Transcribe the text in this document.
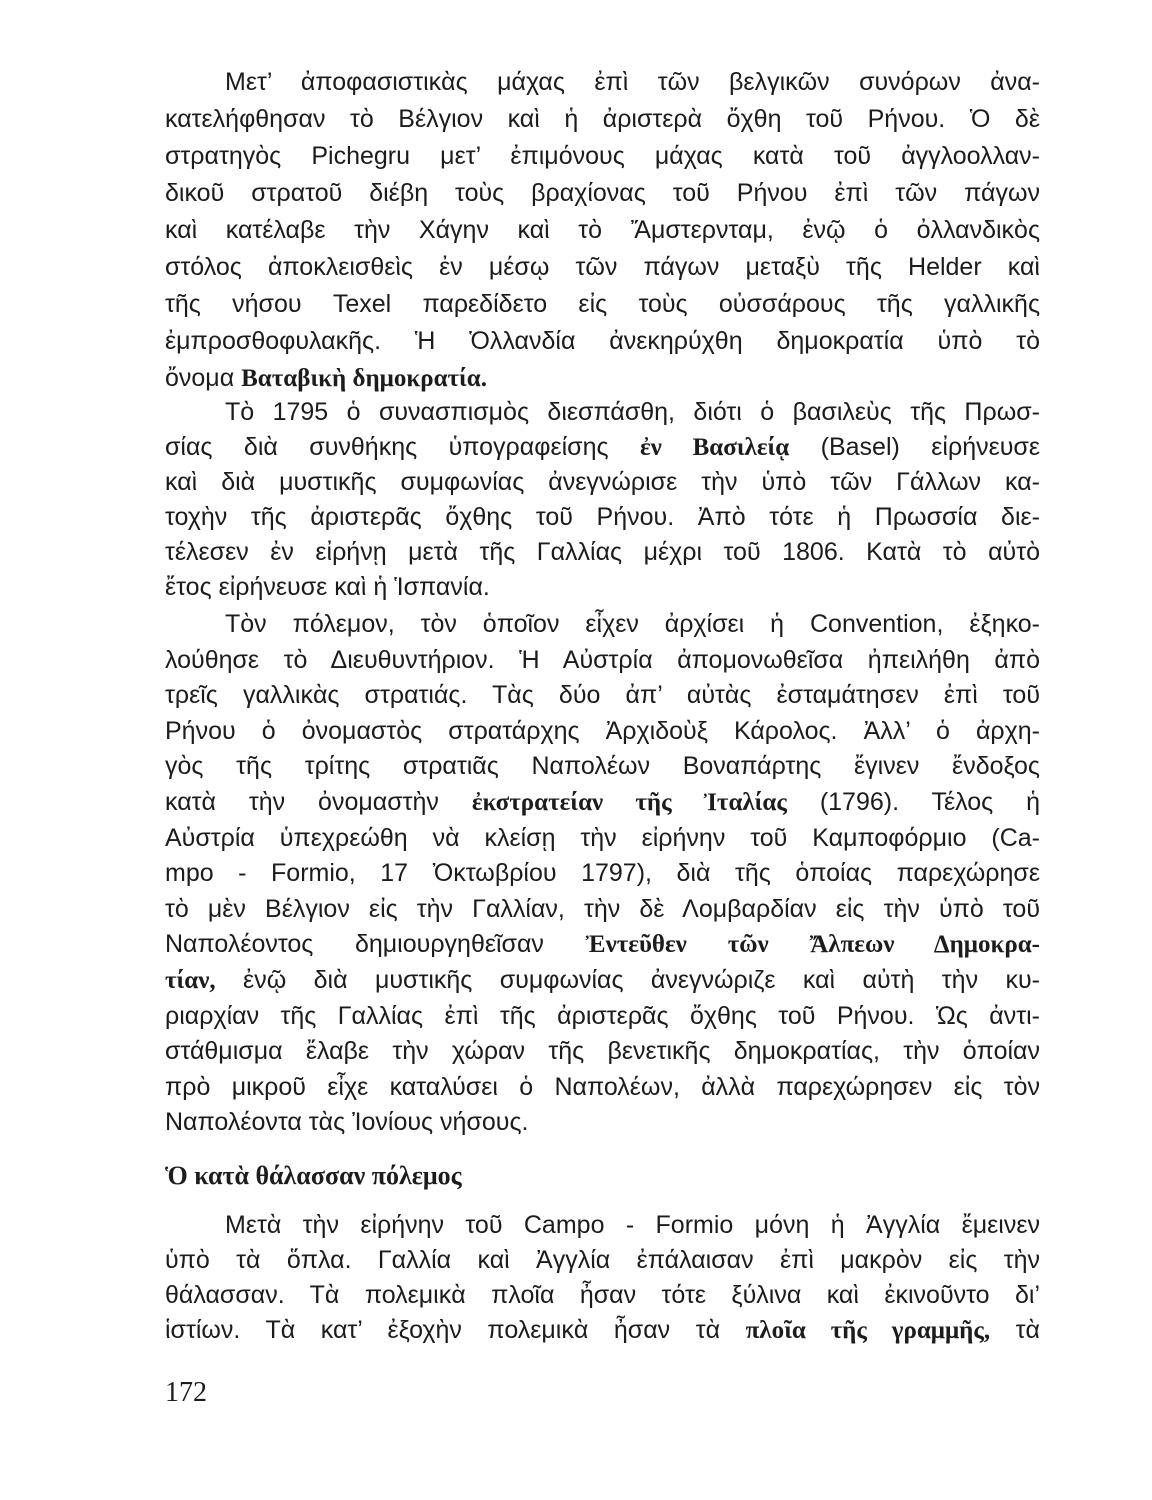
Μετ’ ἀποφασιστικὰς μάχας ἐπὶ τῶν βελγικῶν συνόρων ἀνα-
κατελήφθησαν τὸ Βέλγιον καὶ ἡ ἀριστερὰ ὄχθη τοῦ Ρήνου. Ὁ δὲ
στρατηγὸς Pichegru μετ’ ἐπιμόνους μάχας κατὰ τοῦ ἀγγλοολλαν-
δικοῦ στρατοῦ διέβη τοὺς βραχίονας τοῦ Ρήνου ἐπὶ τῶν πάγων
καὶ κατέλαβε τὴν Χάγην καὶ τὸ Ἄμστερνταμ, ἐνῷ ὁ ὀλλανδικὸς
στόλος ἀποκλεισθεὶς ἐν μέσῳ τῶν πάγων μεταξὺ τῆς Helder καὶ
τῆς νήσου Texel παρεδίδετο εἰς τοὺς οὐσσάρους τῆς γαλλικῆς
ἐμπροσθοφυλακῆς. Ἡ Ὁλλανδία ἀνεκηρύχθη δημοκρατία ὑπὸ τὸ
ὄνομα Βαταβικὴ δημοκρατία.
Τὸ 1795 ὁ συνασπισμὸς διεσπάσθη, διότι ὁ βασιλεὺς τῆς Πρωσ-
σίας διὰ συνθήκης ὑπογραφείσης ἐν Βασιλείᾳ (Basel) εἰρήνευσε
καὶ διὰ μυστικῆς συμφωνίας ἀνεγνώρισε τὴν ὑπὸ τῶν Γάλλων κα-
τοχὴν τῆς ἀριστερᾶς ὄχθης τοῦ Ρήνου. Ἀπὸ τότε ἡ Πρωσσία διε-
τέλεσεν ἐν εἰρήνῃ μετὰ τῆς Γαλλίας μέχρι τοῦ 1806. Κατὰ τὸ αὐτὸ
ἔτος εἰρήνευσε καὶ ἡ Ἱσπανία.
Τὸν πόλεμον, τὸν ὁποῖον εἶχεν ἀρχίσει ἡ Convention, ἐξηκο-
λούθησε τὸ Διευθυντήριον. Ἡ Αὐστρία ἀπομονωθεῖσα ἠπειλήθη ἀπὸ
τρεῖς γαλλικὰς στρατιάς. Τὰς δύο ἀπ’ αὐτὰς ἐσταμάτησεν ἐπὶ τοῦ
Ρήνου ὁ ὀνομαστὸς στρατάρχης Ἀρχιδοὺξ Κάρολος. Ἀλλ’ ὁ ἀρχη-
γὸς τῆς τρίτης στρατιᾶς Ναπολέων Βοναπάρτης ἔγινεν ἔνδοξος
κατὰ τὴν ὀνομαστὴν ἐκστρατείαν τῆς Ἰταλίας (1796). Τέλος ἡ
Αὐστρία ὑπεχρεώθη νὰ κλείσῃ τὴν εἰρήνην τοῦ Καμποφόρμιο (Ca-
mpo - Formio, 17 Ὀκτωβρίου 1797), διὰ τῆς ὁποίας παρεχώρησε
τὸ μὲν Βέλγιον εἰς τὴν Γαλλίαν, τὴν δὲ Λομβαρδίαν εἰς τὴν ὑπὸ τοῦ
Ναπολέοντος δημιουργηθεῖσαν Ἐντεῦθεν τῶν Ἄλπεων Δημοκρα-
τίαν, ἐνῷ διὰ μυστικῆς συμφωνίας ἀνεγνώριζε καὶ αὐτὴ τὴν κυ-
ριαρχίαν τῆς Γαλλίας ἐπὶ τῆς ἀριστερᾶς ὄχθης τοῦ Ρήνου. Ὡς ἀντι-
στάθμισμα ἔλαβε τὴν χώραν τῆς βενετικῆς δημοκρατίας, τὴν ὁποίαν
πρὸ μικροῦ εἶχε καταλύσει ὁ Ναπολέων, ἀλλὰ παρεχώρησεν εἰς τὸν
Ναπολέοντα τὰς Ἰονίους νήσους.
Ὁ κατὰ θάλασσαν πόλεμος
Μετὰ τὴν εἰρήνην τοῦ Campo - Formio μόνη ἡ Ἀγγλία ἔμεινεν
ὑπὸ τὰ ὅπλα. Γαλλία καὶ Ἀγγλία ἐπάλαισαν ἐπὶ μακρὸν εἰς τὴν
θάλασσαν. Τὰ πολεμικὰ πλοῖα ἦσαν τότε ξύλινα καὶ ἐκινοῦντο δι’
ἱστίων. Τὰ κατ’ ἐξοχὴν πολεμικὰ ἦσαν τὰ πλοῖα τῆς γραμμῆς, τὰ
172
